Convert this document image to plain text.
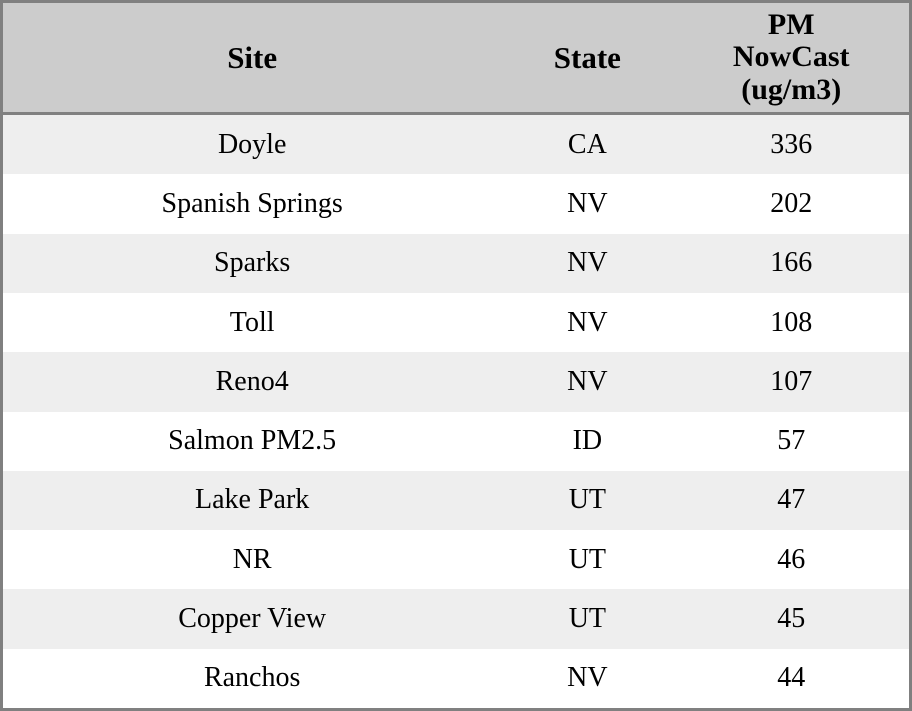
Site	State	PM
NowCast
(ug/m3)

Doyle	CA	336
Spanish Springs	NV	202
Sparks	NV	166
Toll	NV	108
Reno4	NV	107
Salmon PM2.5	ID	57
Lake Park	UT	47
NR	UT	46
Copper View	UT	45
Ranchos	NV	44
